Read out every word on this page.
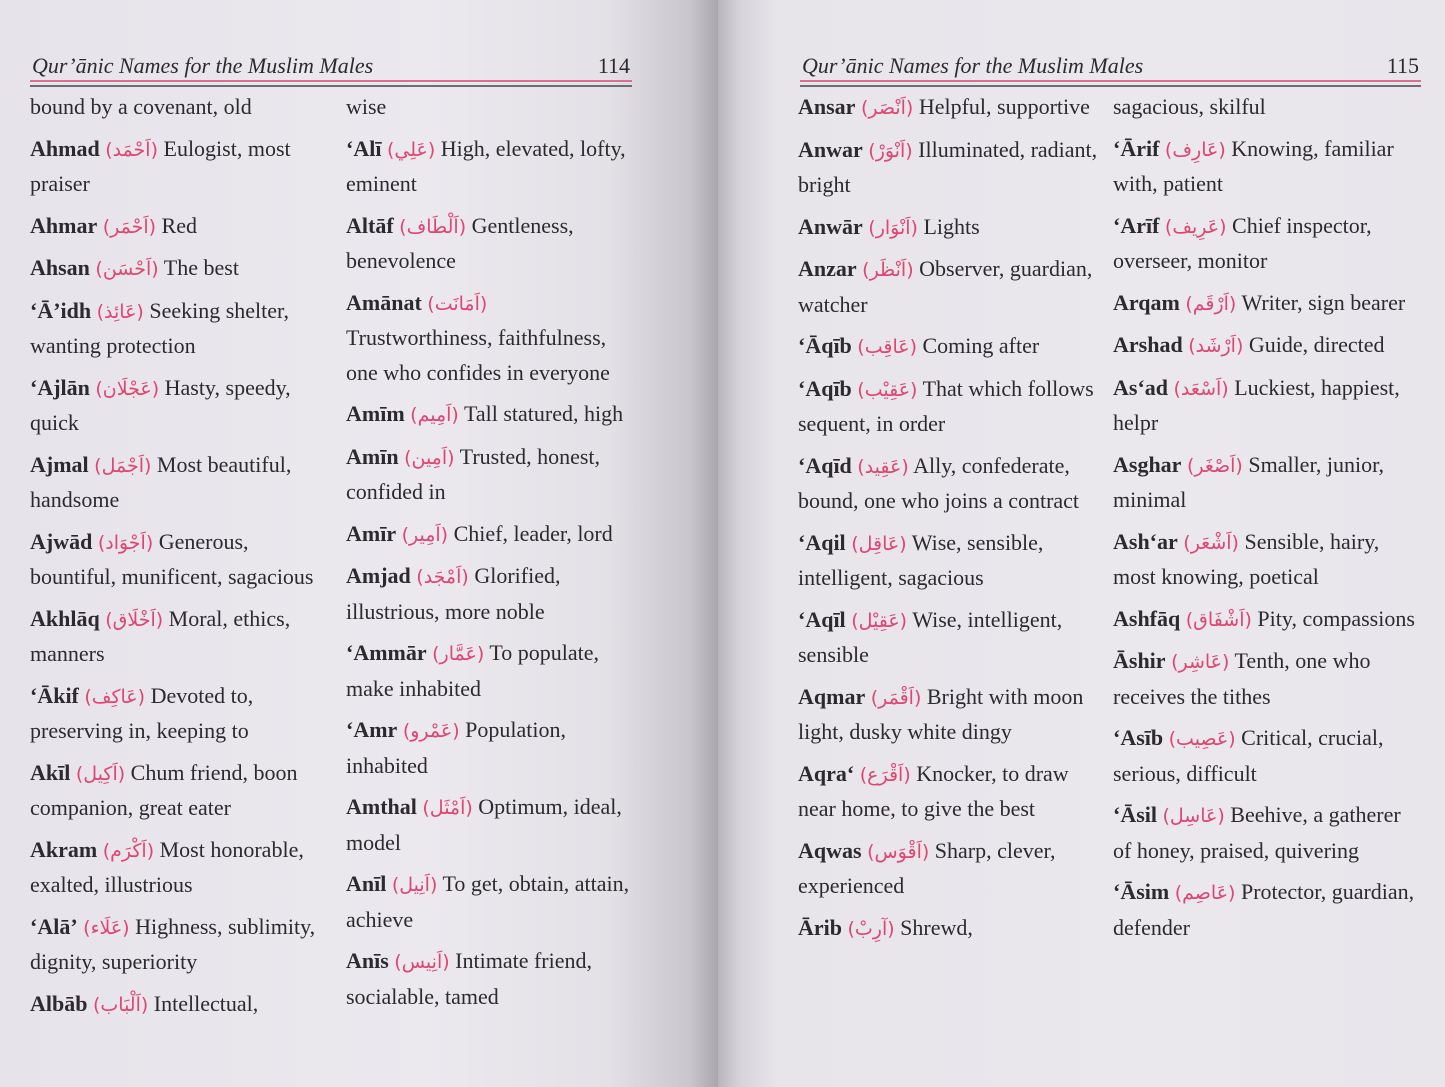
Qur’ānic Names for the Muslim Males	114
bound by a covenant, old
Ahmad (اَحْمَد) Eulogist, most praiser
Ahmar (اَحْمَر) Red
Ahsan (اَحْسَن) The best
‘Ā’idh (عَائِذ) Seeking shelter, wanting protection
‘Ajlān (عَجْلَان) Hasty, speedy, quick
Ajmal (اَجْمَل) Most beautiful, handsome
Ajwād (اَجْوَاد) Generous, bountiful, munificent, sagacious
Akhlāq (اَخْلَاق) Moral, ethics, manners
‘Ākif (عَاكِف) Devoted to, preserving in, keeping to
Akīl (اَكِيل) Chum friend, boon companion, great eater
Akram (اَكْرَم) Most honorable, exalted, illustrious
‘Alā’ (عَلَاء) Highness, sublimity, dignity, superiority
Albāb (اَلْبَاب) Intellectual,
wise
‘Alī (عَلِي) High, elevated, lofty, eminent
Altāf (اَلْطَاف) Gentleness, benevolence
Amānat (اَمَانَت) Trustworthiness, faithfulness, one who confides in everyone
Amīm (اَمِيم) Tall statured, high
Amīn (اَمِين) Trusted, honest, confided in
Amīr (اَمِير) Chief, leader, lord
Amjad (اَمْجَد) Glorified, illustrious, more noble
‘Ammār (عَمَّار) To populate, make inhabited
‘Amr (عَمْرو) Population, inhabited
Amthal (اَمْثَل) Optimum, ideal, model
Anīl (اَنِيل) To get, obtain, attain, achieve
Anīs (اَنِيس) Intimate friend, socialable, tamed
Qur’ānic Names for the Muslim Males	115
Ansar (اَنْصَر) Helpful, supportive
Anwar (اَنْوَرْ) Illuminated, radiant, bright
Anwār (اَنْوَار) Lights
Anzar (اَنْظَر) Observer, guardian, watcher
‘Āqīb (عَاقِب) Coming after
‘Aqīb (عَقِيْب) That which follows sequent, in order
‘Aqīd (عَقِيد) Ally, confederate, bound, one who joins a contract
‘Aqil (عَاقِل) Wise, sensible, intelligent, sagacious
‘Aqīl (عَقِيْل) Wise, intelligent, sensible
Aqmar (اَقْمَر) Bright with moon light, dusky white dingy
Aqra‘ (اَقْرَع) Knocker, to draw near home, to give the best
Aqwas (اَقْوَس) Sharp, clever, experienced
Ārib (آرِبْ) Shrewd,
sagacious, skilful
‘Ārif (عَارِف) Knowing, familiar with, patient
‘Arīf (عَرِيف) Chief inspector, overseer, monitor
Arqam (اَرْقَم) Writer, sign bearer
Arshad (اَرْشَد) Guide, directed
As‘ad (اَسْعَد) Luckiest, happiest, helpr
Asghar (اَصْغَر) Smaller, junior, minimal
Ash‘ar (اَشْعَر) Sensible, hairy, most knowing, poetical
Ashfāq (اَشْفَاق) Pity, compassions
Āshir (عَاشِر) Tenth, one who receives the tithes
‘Asīb (عَصِيب) Critical, crucial, serious, difficult
‘Āsil (عَاسِل) Beehive, a gatherer of honey, praised, quivering
‘Āsim (عَاصِم) Protector, guardian, defender
